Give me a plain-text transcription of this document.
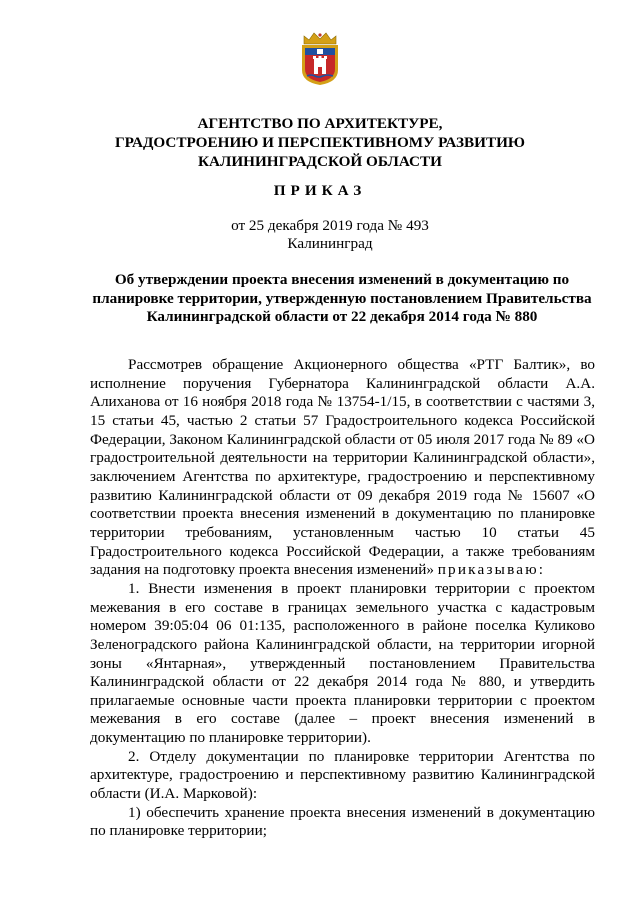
АГЕНТСТВО ПО АРХИТЕКТУРЕ,
ГРАДОСТРОЕНИЮ И ПЕРСПЕКТИВНОМУ РАЗВИТИЮ
КАЛИНИНГРАДСКОЙ ОБЛАСТИ
ПРИКАЗ
от 25 декабря 2019 года № 493
Калининград
Об утверждении проекта внесения изменений в документацию по
планировке территории, утвержденную постановлением Правительства
Калининградской области от 22 декабря 2014 года № 880

Рассмотрев обращение Акционерного общества «РТГ Балтик», во исполнение поручения Губернатора Калининградской области А.А. Алиханова от 16 ноября 2018 года № 13754-1/15, в соответствии с частями 3, 15 статьи 45, частью 2 статьи 57 Градостроительного кодекса Российской Федерации, Законом Калининградской области от 05 июля 2017 года № 89 «О градостроительной деятельности на территории Калининградской области», заключением Агентства по архитектуре, градостроению и перспективному развитию Калининградской области от 09 декабря 2019 года № 15607 «О соответствии проекта внесения изменений в документацию по планировке территории требованиям, установленным частью 10 статьи 45 Градостроительного кодекса Российской Федерации, а также требованиям задания на подготовку проекта внесения изменений» приказываю:

1. Внести изменения в проект планировки территории с проектом межевания в его составе в границах земельного участка с кадастровым номером 39:05:04 06 01:135, расположенного в районе поселка Куликово Зеленоградского района Калининградской области, на территории игорной зоны «Янтарная», утвержденный постановлением Правительства Калининградской области от 22 декабря 2014 года № 880, и утвердить прилагаемые основные части проекта планировки территории с проектом межевания в его составе (далее – проект внесения изменений в документацию по планировке территории).

2. Отделу документации по планировке территории Агентства по архитектуре, градостроению и перспективному развитию Калининградской области (И.А. Марковой):

1) обеспечить хранение проекта внесения изменений в документацию по планировке территории;
